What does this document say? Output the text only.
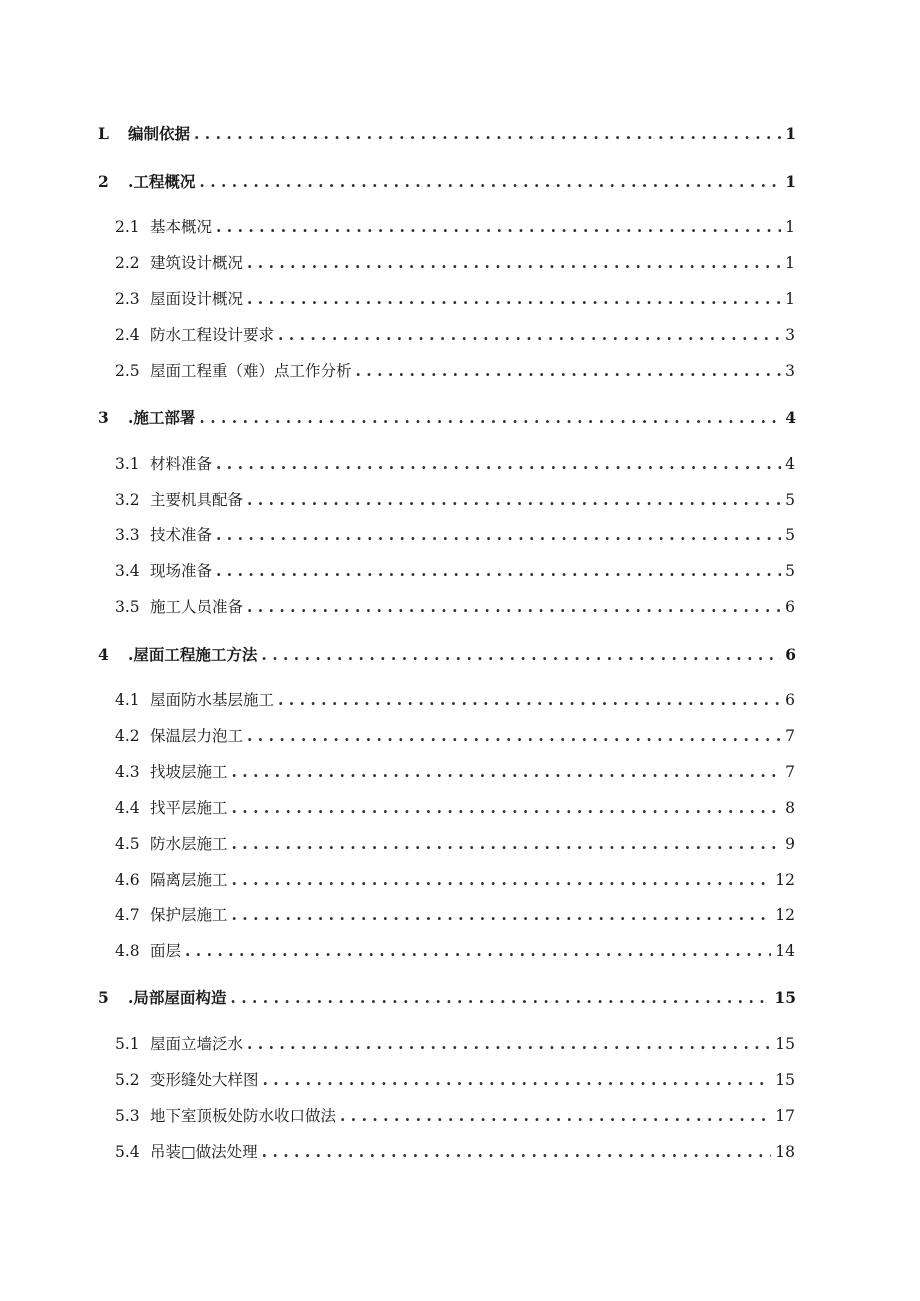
L	编制依据 . . .	1
2	.工程概况 . . .	1
2.1 基本概况 . . .	1
2.2 建筑设计概况 . . .	1
2.3 屋面设计概况 . . .	1
2.4 防水工程设计要求 . . .	3
2.5 屋面工程重（难）点工作分析 . . .	3
3	.施工部署 . . .	4
3.1 材料准备 . . .	4
3.2 主要机具配备 . . .	5
3.3 技术准备 . . .	5
3.4 现场准备 . . .	5
3.5 施工人员准备 . . .	6
4	.屋面工程施工方法 . . .	6
4.1 屋面防水基层施工 . . .	6
4.2 保温层力泡工 . . .	7
4.3 找坡层施工 . . .	7
4.4 找平层施工 . . .	8
4.5 防水层施工 . . .	9
4.6 隔离层施工 . . .	12
4.7 保护层施工 . . .	12
4.8 面层 . . .	14
5	.局部屋面构造 . . .	15
5.1 屋面立墙泛水 . . .	15
5.2 变形缝处大样图 . . .	15
5.3 地下室顶板处防水收口做法 . . .	17
5.4 吊装□做法处理 . . .	18
